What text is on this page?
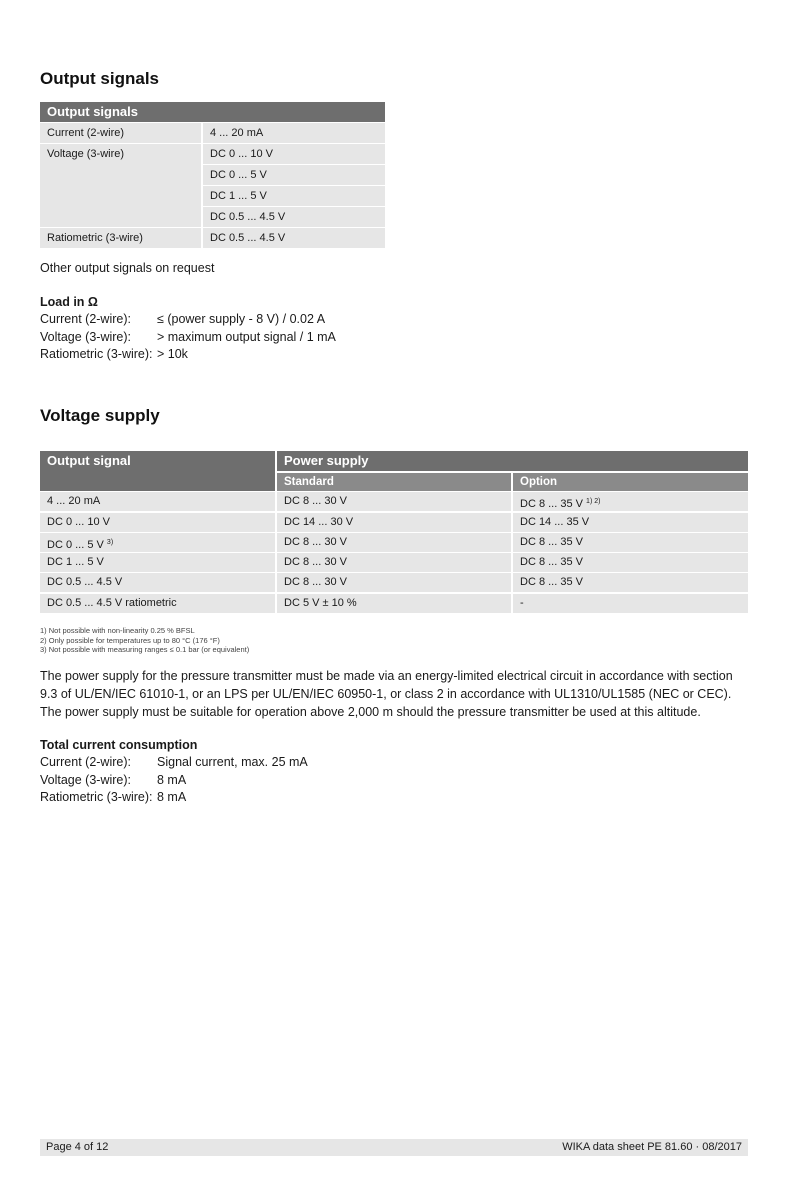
Output signals
Output signals
Current (2-wire)	4 ... 20 mA
Voltage (3-wire)	DC 0 ... 10 V
DC 0 ... 5 V
DC 1 ... 5 V
DC 0.5 ... 4.5 V
Ratiometric (3-wire)	DC 0.5 ... 4.5 V
Other output signals on request
Load in Ω
Current (2-wire):	≤ (power supply - 8 V) / 0.02 A
Voltage (3-wire):	> maximum output signal / 1 mA
Ratiometric (3-wire): > 10k
Voltage supply
Output signal	Power supply
Standard	Option
4 ... 20 mA	DC 8 ... 30 V	DC 8 ... 35 V $^{1) 2)}$
DC 0 ... 10 V	DC 14 ... 30 V	DC 14 ... 35 V
DC 0 ... 5 V $^{3)}$	DC 8 ... 30 V	DC 8 ... 35 V
DC 1 ... 5 V	DC 8 ... 30 V	DC 8 ... 35 V
DC 0.5 ... 4.5 V	DC 8 ... 30 V	DC 8 ... 35 V
DC 0.5 ... 4.5 V ratiometric	DC 5 V ± 10 %	-
1) Not possible with non-linearity 0.25 % BFSL
2) Only possible for temperatures up to 80 °C (176 °F)
3) Not possible with measuring ranges ≤ 0.1 bar (or equivalent)
The power supply for the pressure transmitter must be made via an energy-limited electrical circuit in accordance with section
9.3 of UL/EN/IEC 61010-1, or an LPS per UL/EN/IEC 60950-1, or class 2 in accordance with UL1310/UL1585 (NEC or CEC).
The power supply must be suitable for operation above 2,000 m should the pressure transmitter be used at this altitude.
Total current consumption
Current (2-wire):	Signal current, max. 25 mA
Voltage (3-wire):	8 mA
Ratiometric (3-wire): 8 mA
Page 4 of 12	WIKA data sheet PE 81.60 · 08/2017
